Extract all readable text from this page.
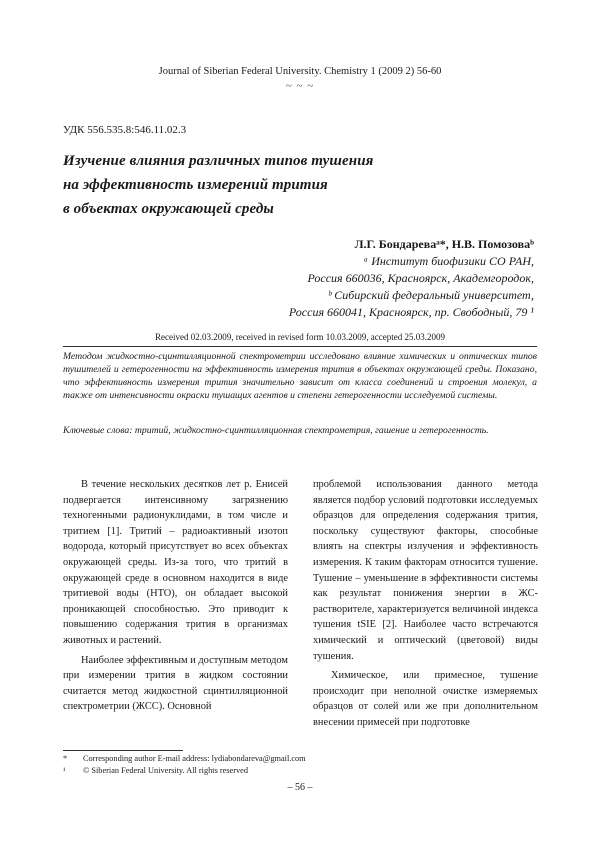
Journal of Siberian Federal University. Chemistry 1 (2009 2) 56-60
~ ~ ~
УДК 556.535.8:546.11.02.3
Изучение влияния различных типов тушения
на эффективность измерений трития
в объектах окружающей среды
Л.Г. Бондареваᵃ*, Н.В. Помозоваᵇ
ᵃ Институт биофизики СО РАН,
Россия 660036, Красноярск, Академгородок,
ᵇ Сибирский федеральный университет,
Россия 660041, Красноярск, пр. Свободный, 79 ¹
Received 02.03.2009, received in revised form 10.03.2009, accepted 25.03.2009
Методом жидкостно-сцинтилляционной спектрометрии исследовано влияние химических и оптических типов тушителей и гетерогенности на эффективность измерения трития в объектах окружающей среды. Показано, что эффективность измерения трития значительно зависит от класса соединений и строения молекул, а также от интенсивности окраски тушащих агентов и степени гетерогенности исследуемой системы.
Ключевые слова: тритий, жидкостно-сцинтилляционная спектрометрия, гашение и гетерогенность.

В течение нескольких десятков лет р. Енисей подвергается интенсивному загрязнению техногенными радионуклидами, в том числе и тритием [1]. Тритий – радиоактивный изотоп водорода, который присутствует во всех объектах окружающей среды. Из-за того, что тритий в окружающей среде в основном находится в виде тритиевой воды (НТО), он обладает высокой проникающей способностью. Это приводит к повышению содержания трития в организмах животных и растений.

Наиболее эффективным и доступным методом при измерении трития в жидком состоянии считается метод жидкостной сцинтилляционной спектрометрии (ЖСС). Основной

проблемой использования данного метода является подбор условий подготовки исследуемых образцов для определения содержания трития, поскольку существуют факторы, способные влиять на спектры излучения и эффективность измерения. К таким факторам относится тушение. Тушение – уменьшение в эффективности системы как результат понижения энергии в ЖС-растворителе, характеризуется величиной индекса тушения tSIE [2]. Наиболее часто встречаются химический и оптический (цветовой) виды тушения.

Химическое, или примесное, тушение происходит при неполной очистке измеряемых образцов от солей или же при дополнительном внесении примесей при подготовке

* Corresponding author E-mail address: lydiabondareva@gmail.com
¹ © Siberian Federal University. All rights reserved
– 56 –
